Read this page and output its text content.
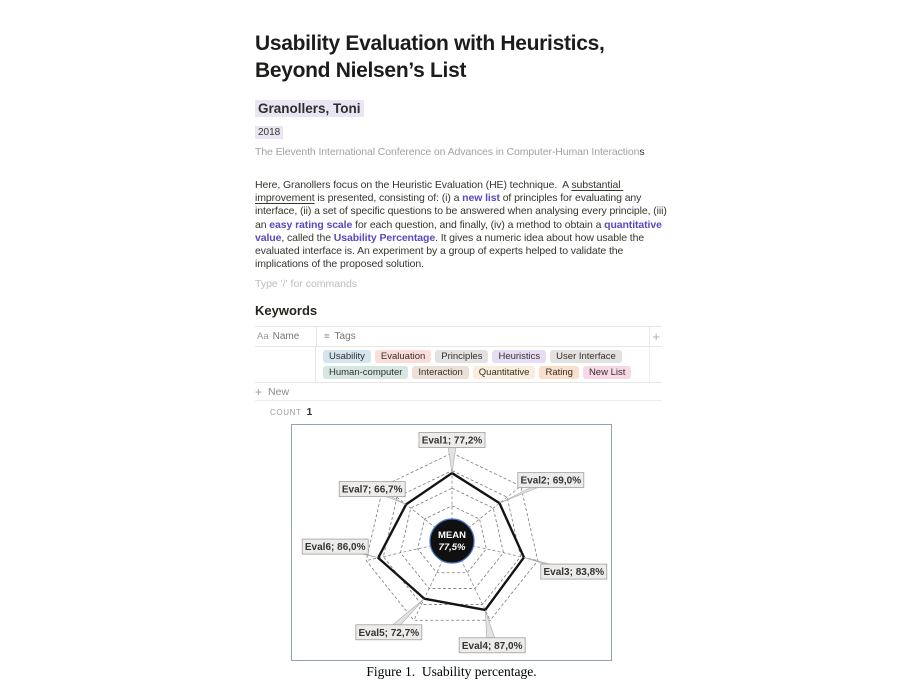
Usability Evaluation with Heuristics, Beyond Nielsen’s List
Granollers, Toni
2018
The Eleventh International Conference on Advances in Computer-Human Interactions
Here, Granollers focus on the Heuristic Evaluation (HE) technique.  A substantial improvement is presented, consisting of: (i) a new list of principles for evaluating any interface, (ii) a set of specific questions to be answered when analysing every principle, (iii) an easy rating scale for each question, and finally, (iv) a method to obtain a quantitative value, called the Usability Percentage. It gives a numeric idea about how usable the evaluated interface is. An experiment by a group of experts helped to validate the implications of the proposed solution.
Type '/' for commands
Keywords
Aa Name	≡ Tags	+
Usability	Evaluation	Principles	Heuristics	User Interface
Human-computer	Interaction	Quantitative	Rating	New List
+ New
COUNT 1
Eval1; 77,2%
Eval2; 69,0%
Eval3; 83,8%
Eval4; 87,0%
Eval5; 72,7%
Eval6; 86,0%
Eval7; 66,7%
MEAN
77,5%
Figure 1.  Usability percentage.
